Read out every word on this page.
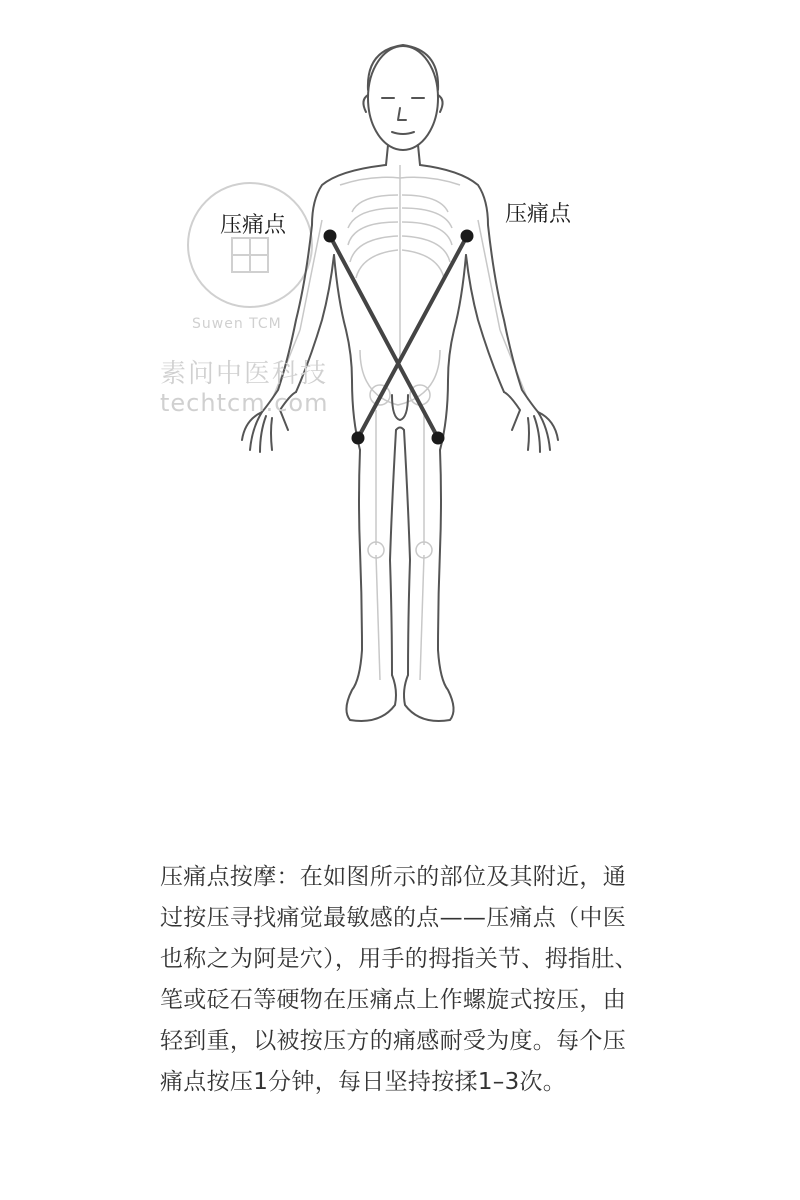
Suwen TCM
素问中医科技
techtcm.com
压痛点	压痛点

压痛点按摩：在如图所示的部位及其附近，通过按压寻找痛觉最敏感的点——压痛点（中医也称之为阿是穴），用手的拇指关节、拇指肚、笔或砭石等硬物在压痛点上作螺旋式按压，由轻到重，以被按压方的痛感耐受为度。每个压痛点按压1分钟，每日坚持按揉1–3次。
